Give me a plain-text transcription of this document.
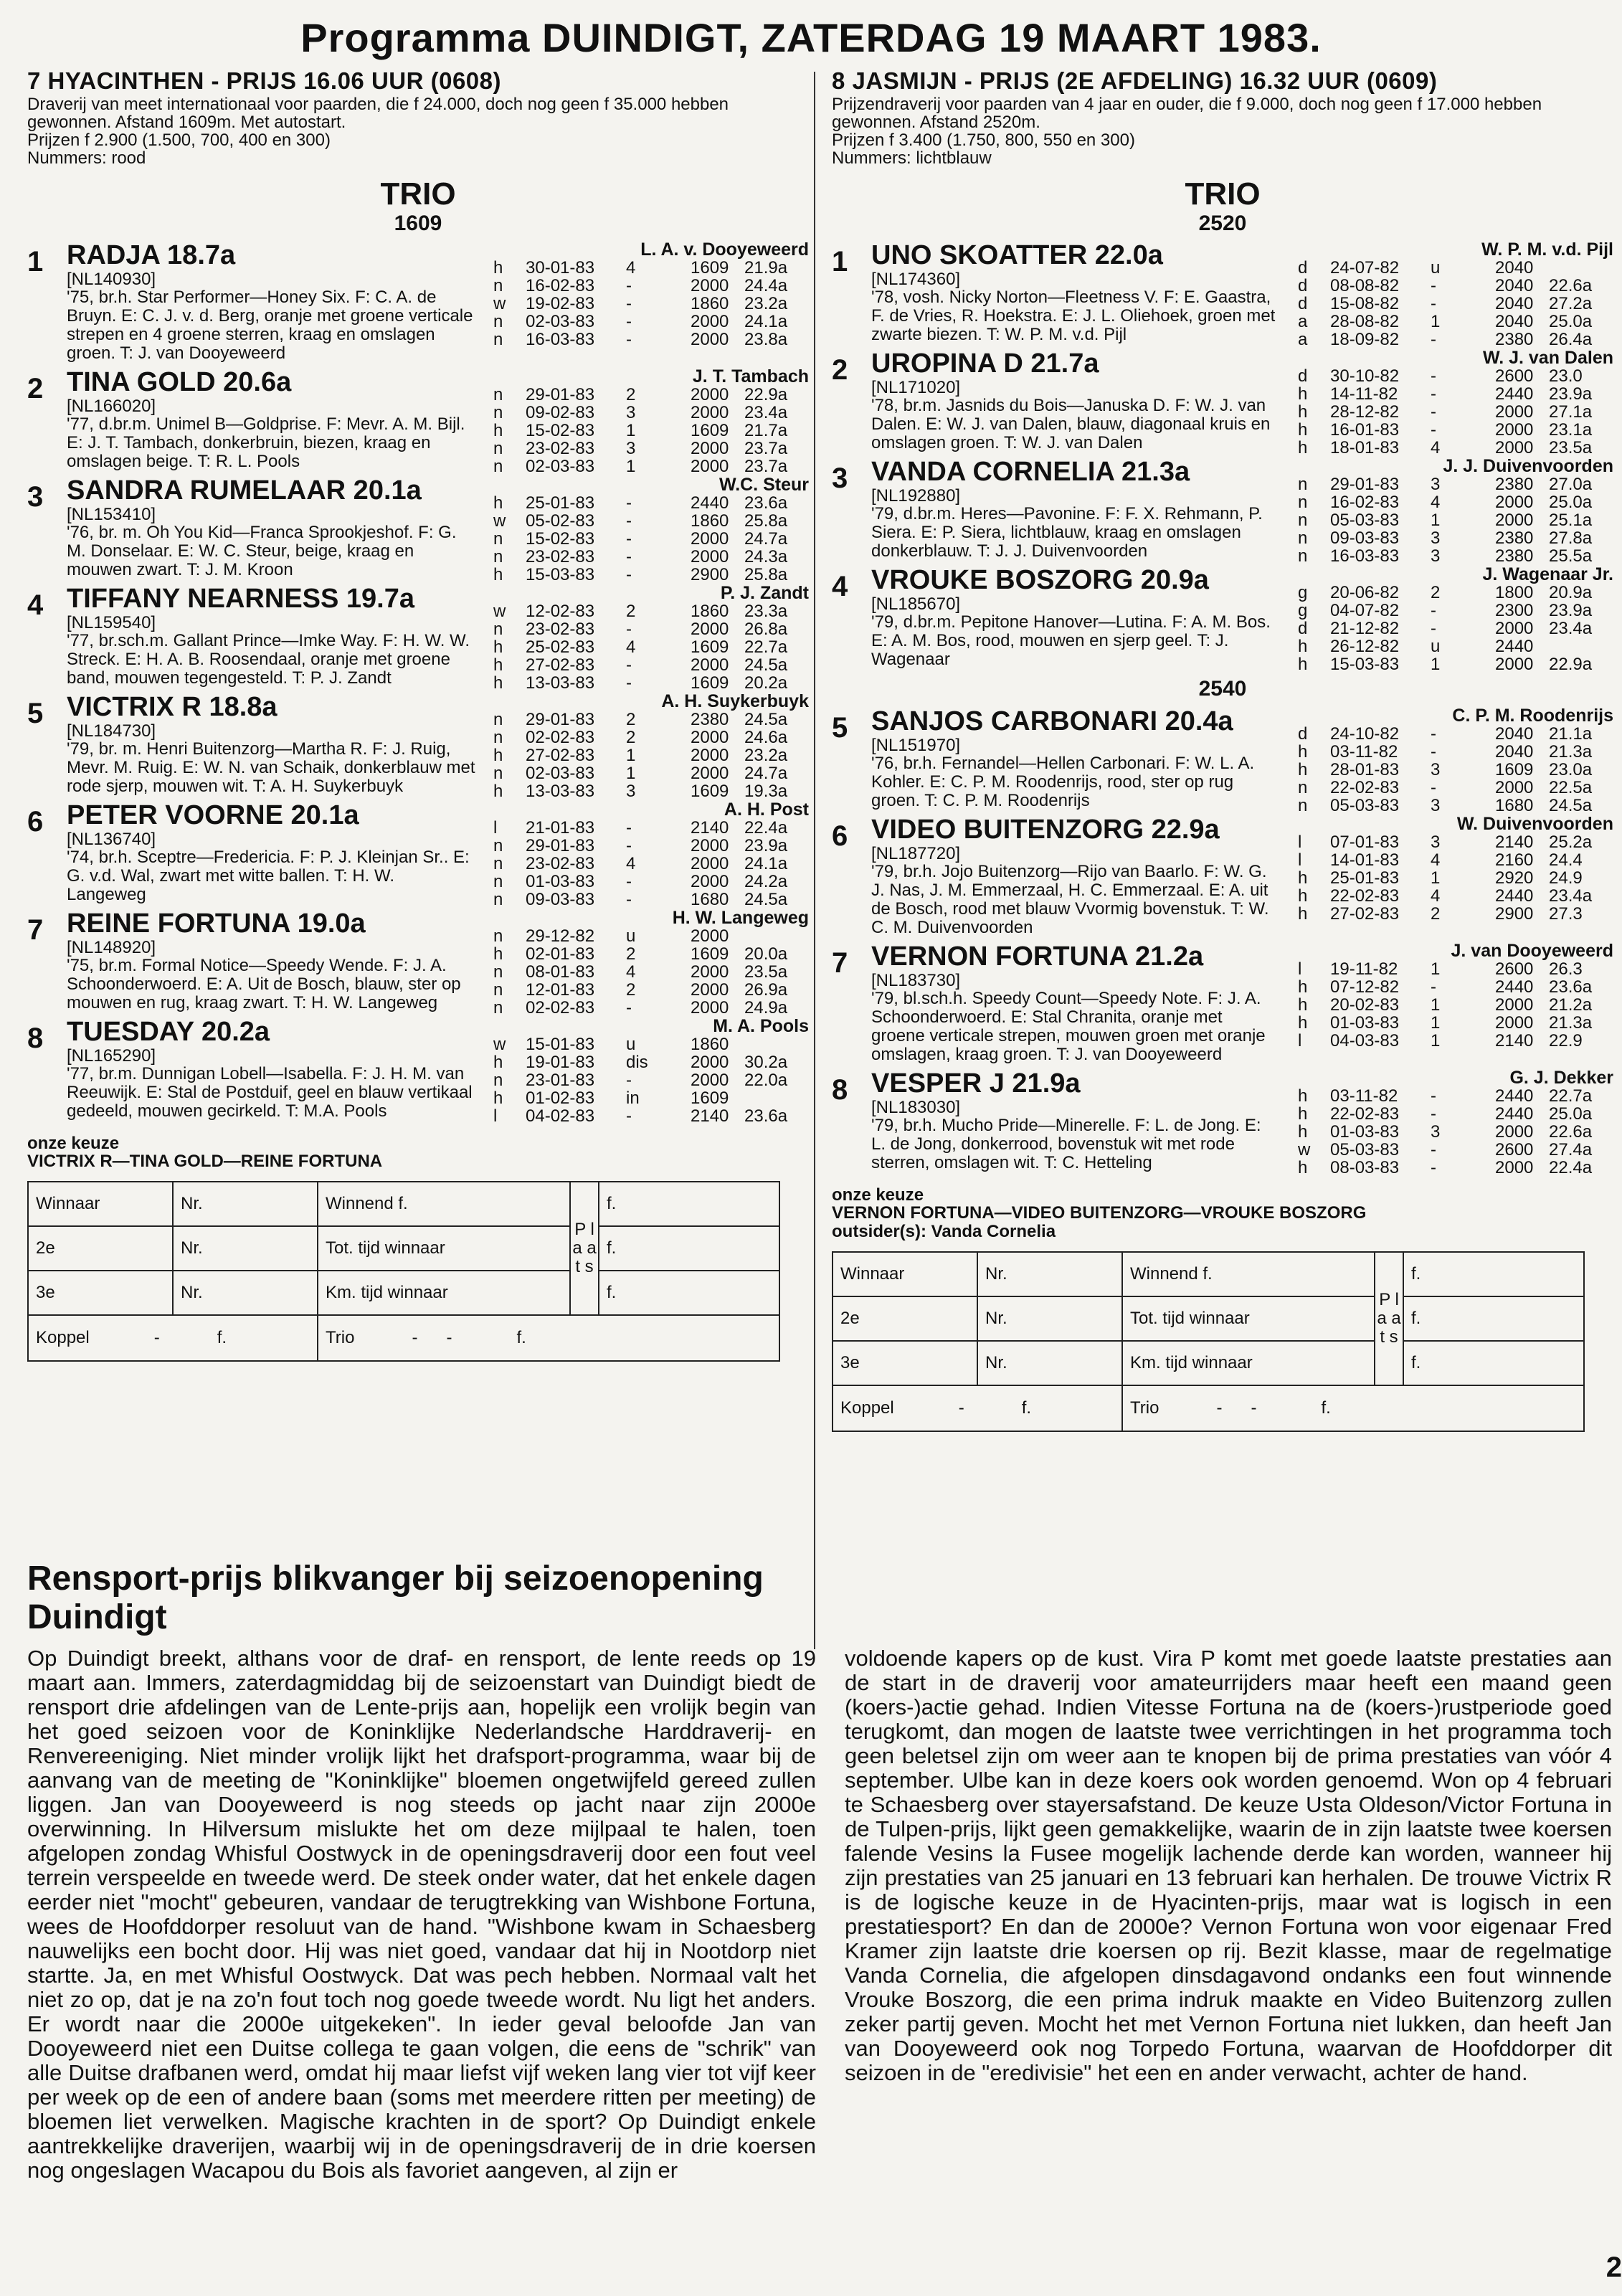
Programma DUINDIGT, ZATERDAG 19 MAART 1983.
7 HYACINTHEN - PRIJS 16.06 UUR (0608)
Draverij van meet internationaal voor paarden, die f 24.000, doch nog geen f 35.000 hebben gewonnen. Afstand 1609m. Met autostart.
Prijzen f 2.900 (1.500, 700, 400 en 300)
Nummers: rood
TRIO
1609
1 RADJA 18.7a
[NL140930]
'75, br.h. Star Performer—Honey Six. F: C. A. de Bruyn. E: C. J. v. d. Berg, oranje met groene verticale strepen en 4 groene sterren, kraag en omslagen groen. T: J. van Dooyeweerd
L. A. v. Dooyeweerd
h	30-01-83	4	1609	21.9a
n	16-02-83	-	2000	24.4a
w	19-02-83	-	1860	23.2a
n	02-03-83	-	2000	24.1a
n	16-03-83	-	2000	23.8a
2 TINA GOLD 20.6a
[NL166020]
'77, d.br.m. Unimel B—Goldprise. F: Mevr. A. M. Bijl. E: J. T. Tambach, donkerbruin, biezen, kraag en omslagen beige. T: R. L. Pools
J. T. Tambach
n	29-01-83	2	2000	22.9a
n	09-02-83	3	2000	23.4a
h	15-02-83	1	1609	21.7a
n	23-02-83	3	2000	23.7a
n	02-03-83	1	2000	23.7a
3 SANDRA RUMELAAR 20.1a
[NL153410]
'76, br. m. Oh You Kid—Franca Sprookjeshof. F: G. M. Donselaar. E: W. C. Steur, beige, kraag en mouwen zwart. T: J. M. Kroon
W.C. Steur
h	25-01-83	-	2440	23.6a
w	05-02-83	-	1860	25.8a
n	15-02-83	-	2000	24.7a
n	23-02-83	-	2000	24.3a
h	15-03-83	-	2900	25.8a
4 TIFFANY NEARNESS 19.7a
[NL159540]
'77, br.sch.m. Gallant Prince—Imke Way. F: H. W. W. Streck. E: H. A. B. Roosendaal, oranje met groene band, mouwen tegengesteld. T: P. J. Zandt
P. J. Zandt
w	12-02-83	2	1860	23.3a
n	23-02-83	-	2000	26.8a
h	25-02-83	4	1609	22.7a
h	27-02-83	-	2000	24.5a
h	13-03-83	-	1609	20.2a
5 VICTRIX R 18.8a
[NL184730]
'79, br. m. Henri Buitenzorg—Martha R. F: J. Ruig, Mevr. M. Ruig. E: W. N. van Schaik, donkerblauw met rode sjerp, mouwen wit. T: A. H. Suykerbuyk
A. H. Suykerbuyk
n	29-01-83	2	2380	24.5a
n	02-02-83	2	2000	24.6a
h	27-02-83	1	2000	23.2a
n	02-03-83	1	2000	24.7a
h	13-03-83	3	1609	19.3a
6 PETER VOORNE 20.1a
[NL136740]
'74, br.h. Sceptre—Fredericia. F: P. J. Kleinjan Sr.. E: G. v.d. Wal, zwart met witte ballen. T: H. W. Langeweg
A. H. Post
l	21-01-83	-	2140	22.4a
n	29-01-83	-	2000	23.9a
n	23-02-83	4	2000	24.1a
n	01-03-83	-	2000	24.2a
n	09-03-83	-	1680	24.5a
7 REINE FORTUNA 19.0a
[NL148920]
'75, br.m. Formal Notice—Speedy Wende. F: J. A. Schoonderwoerd. E: A. Uit de Bosch, blauw, ster op mouwen en rug, kraag zwart. T: H. W. Langeweg
H. W. Langeweg
n	29-12-82	u	2000	
h	02-01-83	2	1609	20.0a
n	08-01-83	4	2000	23.5a
n	12-01-83	2	2000	26.9a
n	02-02-83	-	2000	24.9a
8 TUESDAY 20.2a
[NL165290]
'77, br.m. Dunnigan Lobell—Isabella. F: J. H. M. van Reeuwijk. E: Stal de Postduif, geel en blauw vertikaal gedeeld, mouwen gecirkeld. T: M.A. Pools
M. A. Pools
w	15-01-83	u	1860	
h	19-01-83	dis	2000	30.2a
n	23-01-83	-	2000	22.0a
h	01-02-83	in	1609	
l	04-02-83	-	2140	23.6a
onze keuze
VICTRIX R—TINA GOLD—REINE FORTUNA
Winnaar	Nr.	Winnend f.	P l a a t s	f.
2e	Nr.	Tot. tijd winnaar		f.
3e	Nr.	Km. tijd winnaar		f.
Koppel - f.		Trio - - f.		
8 JASMIJN - PRIJS (2E AFDELING) 16.32 UUR (0609)
Prijzendraverij voor paarden van 4 jaar en ouder, die f 9.000, doch nog geen f 17.000 hebben gewonnen. Afstand 2520m.
Prijzen f 3.400 (1.750, 800, 550 en 300)
Nummers: lichtblauw
TRIO
2520
1 UNO SKOATTER 22.0a
[NL174360]
'78, vosh. Nicky Norton—Fleetness V. F: E. Gaastra, F. de Vries, R. Hoekstra. E: J. L. Oliehoek, groen met zwarte biezen. T: W. P. M. v.d. Pijl
W. P. M. v.d. Pijl
d	24-07-82	u	2040	
d	08-08-82	-	2040	22.6a
d	15-08-82	-	2040	27.2a
a	28-08-82	1	2040	25.0a
a	18-09-82	-	2380	26.4a
2 UROPINA D 21.7a
[NL171020]
'78, br.m. Jasnids du Bois—Januska D. F: W. J. van Dalen. E: W. J. van Dalen, blauw, diagonaal kruis en omslagen groen. T: W. J. van Dalen
W. J. van Dalen
d	30-10-82	-	2600	23.0
h	14-11-82	-	2440	23.9a
h	28-12-82	-	2000	27.1a
h	16-01-83	-	2000	23.1a
h	18-01-83	4	2000	23.5a
3 VANDA CORNELIA 21.3a
[NL192880]
'79, d.br.m. Heres—Pavonine. F: F. X. Rehmann, P. Siera. E: P. Siera, lichtblauw, kraag en omslagen donkerblauw. T: J. J. Duivenvoorden
J. J. Duivenvoorden
n	29-01-83	3	2380	27.0a
n	16-02-83	4	2000	25.0a
n	05-03-83	1	2000	25.1a
n	09-03-83	3	2380	27.8a
n	16-03-83	3	2380	25.5a
4 VROUKE BOSZORG 20.9a
[NL185670]
'79, d.br.m. Pepitone Hanover—Lutina. F: A. M. Bos. E: A. M. Bos, rood, mouwen en sjerp geel. T: J. Wagenaar
J. Wagenaar Jr.
g	20-06-82	2	1800	20.9a
g	04-07-82	-	2300	23.9a
d	21-12-82	-	2000	23.4a
h	26-12-82	u	2440	
h	15-03-83	1	2000	22.9a
2540
5 SANJOS CARBONARI 20.4a
[NL151970]
'76, br.h. Fernandel—Hellen Carbonari. F: W. L. A. Kohler. E: C. P. M. Roodenrijs, rood, ster op rug groen. T: C. P. M. Roodenrijs
C. P. M. Roodenrijs
d	24-10-82	-	2040	21.1a
h	03-11-82	-	2040	21.3a
h	28-01-83	3	1609	23.0a
n	22-02-83	-	2000	22.5a
n	05-03-83	3	1680	24.5a
6 VIDEO BUITENZORG 22.9a
[NL187720]
'79, br.h. Jojo Buitenzorg—Rijo van Baarlo. F: W. G. J. Nas, J. M. Emmerzaal, H. C. Emmerzaal. E: A. uit de Bosch, rood met blauw Vvormig bovenstuk. T: W. C. M. Duivenvoorden
W. Duivenvoorden
l	07-01-83	3	2140	25.2a
l	14-01-83	4	2160	24.4
h	25-01-83	1	2920	24.9
h	22-02-83	4	2440	23.4a
h	27-02-83	2	2900	27.3
7 VERNON FORTUNA 21.2a
[NL183730]
'79, bl.sch.h. Speedy Count—Speedy Note. F: J. A. Schoonderwoerd. E: Stal Chranita, oranje met groene verticale strepen, mouwen groen met oranje omslagen, kraag groen. T: J. van Dooyeweerd
J. van Dooyeweerd
l	19-11-82	1	2600	26.3
h	07-12-82	-	2440	23.6a
h	20-02-83	1	2000	21.2a
h	01-03-83	1	2000	21.3a
l	04-03-83	1	2140	22.9
8 VESPER J 21.9a
[NL183030]
'79, br.h. Mucho Pride—Minerelle. F: L. de Jong. E: L. de Jong, donkerrood, bovenstuk wit met rode sterren, omslagen wit. T: C. Hetteling
G. J. Dekker
h	03-11-82	-	2440	22.7a
h	22-02-83	-	2440	25.0a
h	01-03-83	3	2000	22.6a
w	05-03-83	-	2600	27.4a
h	08-03-83	-	2000	22.4a
onze keuze
VERNON FORTUNA—VIDEO BUITENZORG—VROUKE BOSZORG
outsider(s): Vanda Cornelia
Winnaar	Nr.	Winnend f.	P l a a t s	f.
2e	Nr.	Tot. tijd winnaar		f.
3e	Nr.	Km. tijd winnaar		f.
Koppel - f.		Trio - - f.		
Rensport-prijs blikvanger bij seizoenopening Duindigt

Op Duindigt breekt, althans voor de draf- en rensport, de lente reeds op 19 maart aan. Immers, zaterdagmiddag bij de seizoenstart van Duindigt biedt de rensport drie afdelingen van de Lente-prijs aan, hopelijk een vrolijk begin van het goed seizoen voor de Koninklijke Nederlandsche Harddraverij- en Renvereeniging. Niet minder vrolijk lijkt het drafsport-programma, waar bij de aanvang van de meeting de "Koninklijke" bloemen ongetwijfeld gereed zullen liggen. Jan van Dooyeweerd is nog steeds op jacht naar zijn 2000e overwinning. In Hilversum mislukte het om deze mijlpaal te halen, toen afgelopen zondag Whisful Oostwyck in de openingsdraverij door een fout veel terrein verspeelde en tweede werd. De steek onder water, dat het enkele dagen eerder niet "mocht" gebeuren, vandaar de terugtrekking van Wishbone Fortuna, wees de Hoofddorper resoluut van de hand. "Wishbone kwam in Schaesberg nauwelijks een bocht door. Hij was niet goed, vandaar dat hij in Nootdorp niet startte. Ja, en met Whisful Oostwyck. Dat was pech hebben. Normaal valt het niet zo op, dat je na zo'n fout toch nog goede tweede wordt. Nu ligt het anders. Er wordt naar die 2000e uitgekeken". In ieder geval beloofde Jan van Dooyeweerd niet een Duitse collega te gaan volgen, die eens de "schrik" van alle Duitse drafbanen werd, omdat hij maar liefst vijf weken lang vier tot vijf keer per week op de een of andere baan (soms met meerdere ritten per meeting) de bloemen liet verwelken. Magische krachten in de sport? Op Duindigt enkele aantrekkelijke draverijen, waarbij wij in de openingsdraverij de in drie koersen nog ongeslagen Wacapou du Bois als favoriet aangeven, al zijn er

voldoende kapers op de kust. Vira P komt met goede laatste prestaties aan de start in de draverij voor amateurrijders maar heeft een maand geen (koers-)actie gehad. Indien Vitesse Fortuna na de (koers-)rustperiode goed terugkomt, dan mogen de laatste twee verrichtingen in het programma toch geen beletsel zijn om weer aan te knopen bij de prima prestaties van vóór 4 september. Ulbe kan in deze koers ook worden genoemd. Won op 4 februari te Schaesberg over stayersafstand. De keuze Usta Oldeson/Victor Fortuna in de Tulpen-prijs, lijkt geen gemakkelijke, waarin de in zijn laatste twee koersen falende Vesins la Fusee mogelijk lachende derde kan worden, wanneer hij zijn prestaties van 25 januari en 13 februari kan herhalen. De trouwe Victrix R is de logische keuze in de Hyacinten-prijs, maar wat is logisch in een prestatiesport? En dan de 2000e? Vernon Fortuna won voor eigenaar Fred Kramer zijn laatste drie koersen op rij. Bezit klasse, maar de regelmatige Vanda Cornelia, die afgelopen dinsdagavond ondanks een fout winnende Vrouke Boszorg, die een prima indruk maakte en Video Buitenzorg zullen zeker partij geven. Mocht het met Vernon Fortuna niet lukken, dan heeft Jan van Dooyeweerd ook nog Torpedo Fortuna, waarvan de Hoofddorper dit seizoen in de "eredivisie" het een en ander verwacht, achter de hand.

2
